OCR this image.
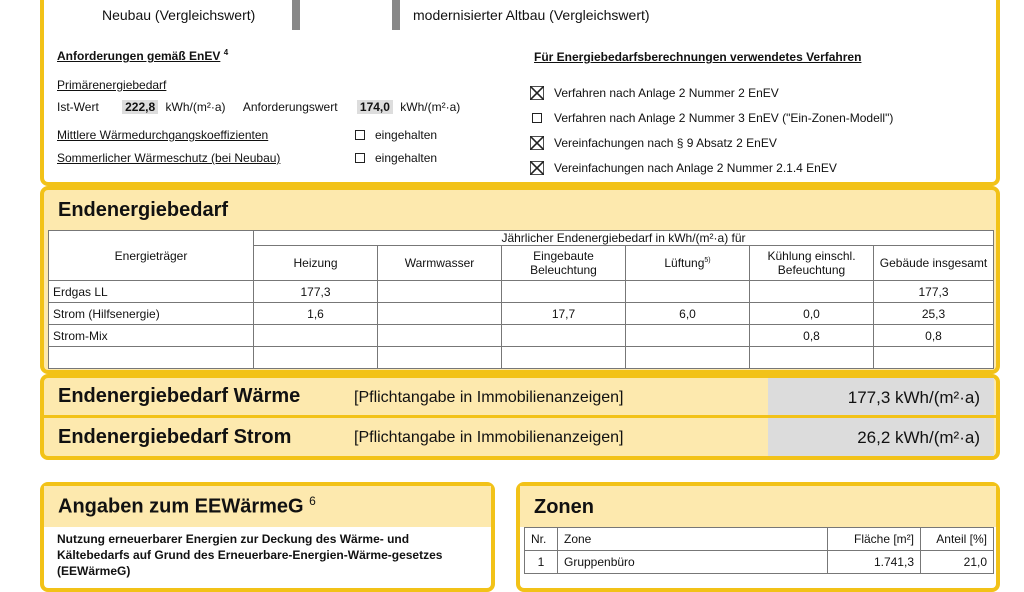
Neubau (Vergleichswert)	modernisierter Altbau (Vergleichswert)
Anforderungen gemäß EnEV $^4$
Primärenergiebedarf
Ist-Wert 222,8 kWh/(m²·a) Anforderungswert 174,0 kWh/(m²·a)
Mittlere Wärmedurchgangskoeffizienten	eingehalten
Sommerlicher Wärmeschutz (bei Neubau)	eingehalten
Für Energiebedarfsberechnungen verwendetes Verfahren
Verfahren nach Anlage 2 Nummer 2 EnEV
Verfahren nach Anlage 2 Nummer 3 EnEV ("Ein-Zonen-Modell")
Vereinfachungen nach § 9 Absatz 2 EnEV
Vereinfachungen nach Anlage 2 Nummer 2.1.4 EnEV
Endenergiebedarf
Energieträger	Jährlicher Endenergiebedarf in kWh/(m²·a) für					
	Heizung	Warmwasser	Eingebaute Beleuchtung	Lüftung$^{5)}$	Kühlung einschl. Befeuchtung	Gebäude insgesamt
Erdgas LL	177,3					177,3
Strom (Hilfsenergie)	1,6		17,7	6,0	0,0	25,3
Strom-Mix					0,8	0,8

Endenergiebedarf Wärme	[Pflichtangabe in Immobilienanzeigen]	177,3 kWh/(m²·a)
Endenergiebedarf Strom	[Pflichtangabe in Immobilienanzeigen]	26,2 kWh/(m²·a)
Angaben zum EEWärmeG $^6$
Nutzung erneuerbarer Energien zur Deckung des Wärme- und Kältebedarfs auf Grund des Erneuerbare-Energien-Wärme-gesetzes (EEWärmeG)
Zonen
Nr.	Zone	Fläche [m²]	Anteil [%]
1	Gruppenbüro	1.741,3	21,0
